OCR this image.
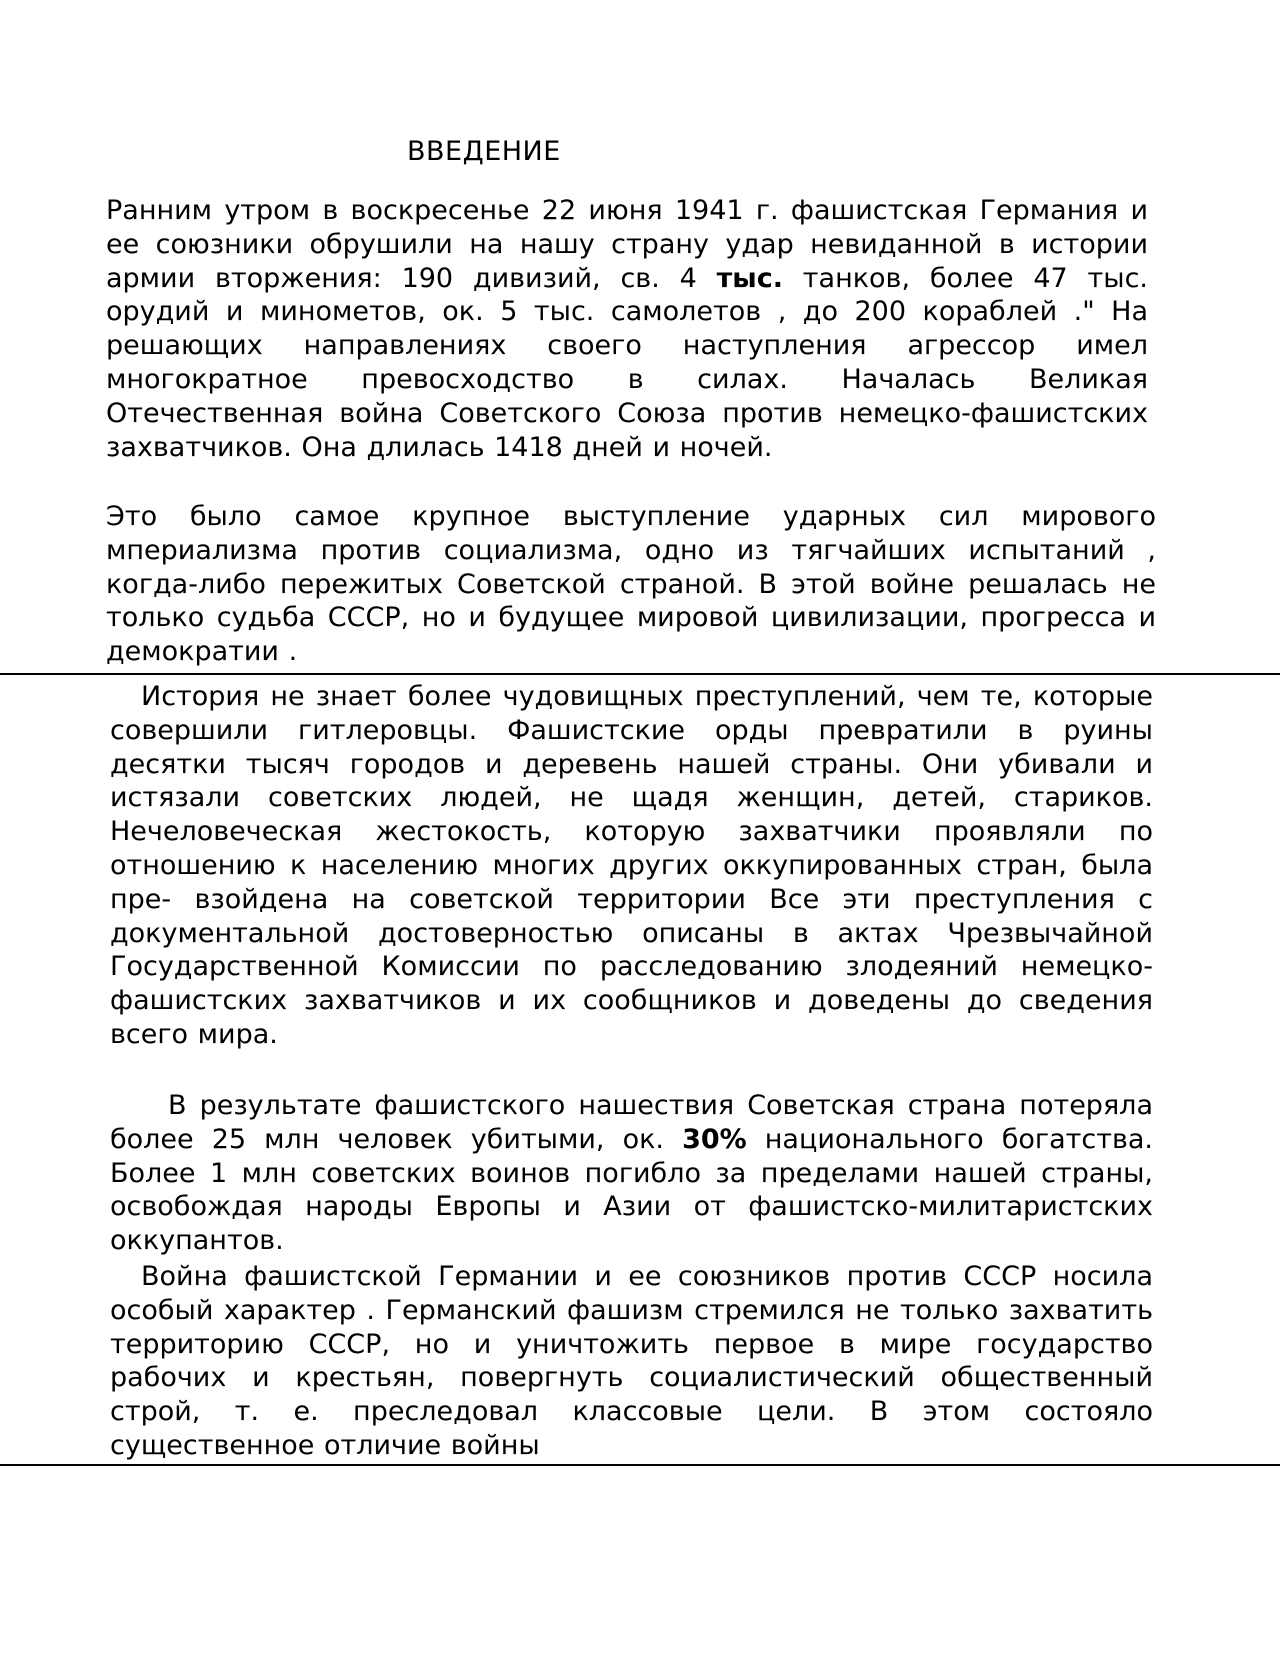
ВВЕДЕНИЕ

Ранним утром в воскресенье 22 июня 1941 г. фашистская Германия и ее союзники обрушили на нашу страну удар невиданной в истории армии вторжения: 190 дивизий, св. 4 тыс. танков, более 47 тыс. орудий и минометов, ок. 5 тыс. самолетов , до 200 кораблей ." На решающих направлениях своего наступления агрессор имел многократное превосходство в силах. Началась Великая Отечественная война Советского Союза против немецко-фашистских захватчиков. Она длилась 1418 дней и ночей.

Это было самое крупное выступление ударных сил мирового мпериализма против социализма, одно из тягчайших испытаний , когда-либо пережитых Советской страной. В этой войне решалась не только судьба СССР, но и будущее мировой цивилизации, прогресса и демократии .

История не знает более чудовищных преступлений, чем те, которые совершили гитлеровцы. Фашистские орды превратили в руины десятки тысяч городов и деревень нашей страны. Они убивали и истязали советских людей, не щадя женщин, детей, стариков. Нечеловеческая жестокость, которую захватчики проявляли по отношению к населению многих других оккупированных стран, была пре- взойдена на советской территории Все эти преступления с документальной достоверностью описаны в актах Чрезвычайной Государственной Комиссии по расследованию злодеяний немецко-фашистских захватчиков и их сообщников и доведены до сведения всего мира.

В результате фашистского нашествия Советская страна потеряла более 25 млн человек убитыми, ок. 30% национального богатства. Более 1 млн советских воинов погибло за пределами нашей страны, освобождая народы Европы и Азии от фашистско-милитаристских оккупантов.

Война фашистской Германии и ее союзников против СССР носила особый характер . Германский фашизм стремился не только захватить территорию СССР, но и уничтожить первое в мире государство рабочих и крестьян, повергнуть социалистический общественный строй, т. е. преследовал классовые цели. В этом состояло существенное отличие войны
